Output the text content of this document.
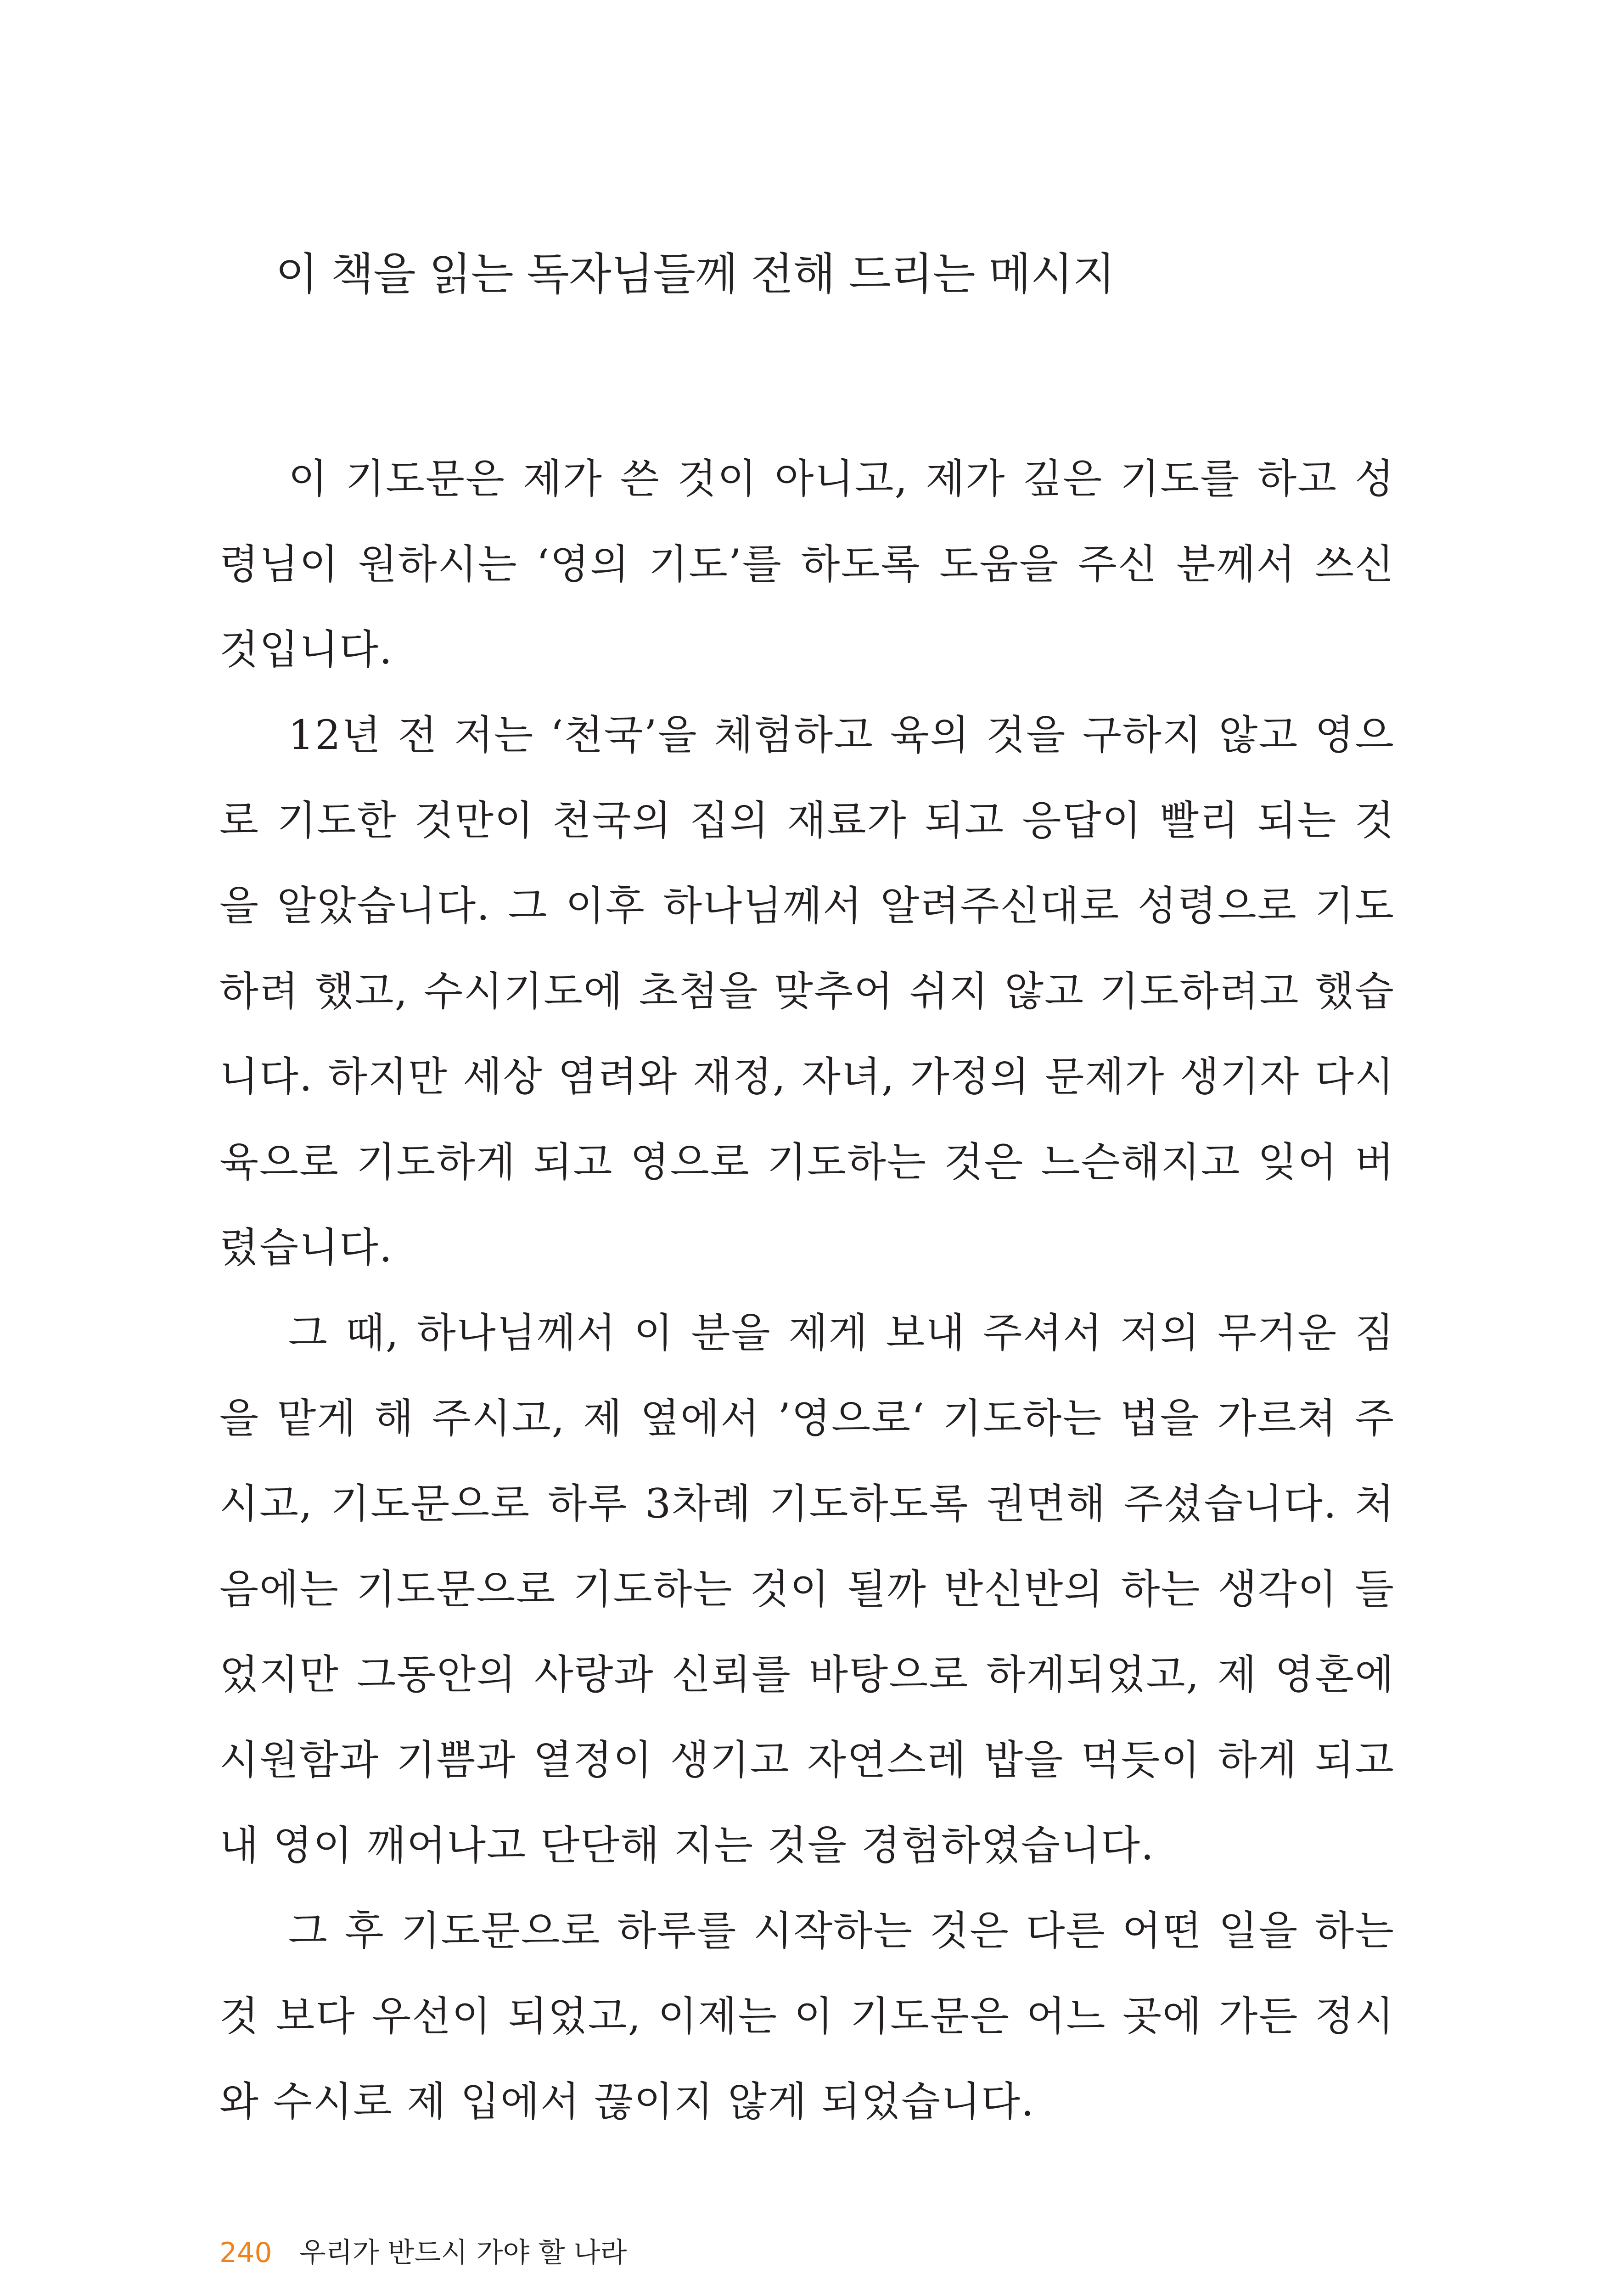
이 책을 읽는 독자님들께 전해 드리는 메시지

이 기도문은 제가 쓴 것이 아니고, 제가 깊은 기도를 하고 성령님이 원하시는 ‘영의 기도’를 하도록 도움을 주신 분께서 쓰신 것입니다.

12년 전 저는 ‘천국’을 체험하고 육의 것을 구하지 않고 영으로 기도한 것만이 천국의 집의 재료가 되고 응답이 빨리 되는 것을 알았습니다. 그 이후 하나님께서 알려주신대로 성령으로 기도하려 했고, 수시기도에 초첨을 맞추어 쉬지 않고 기도하려고 했습니다. 하지만 세상 염려와 재정, 자녀, 가정의 문제가 생기자 다시 육으로 기도하게 되고 영으로 기도하는 것은 느슨해지고 잊어 버렸습니다.

그 때, 하나님께서 이 분을 제게 보내 주셔서 저의 무거운 짐을 맡게 해 주시고, 제 옆에서 ’영으로‘ 기도하는 법을 가르쳐 주시고, 기도문으로 하루 3차례 기도하도록 권면해 주셨습니다. 처음에는 기도문으로 기도하는 것이 될까 반신반의 하는 생각이 들었지만 그동안의 사랑과 신뢰를 바탕으로 하게되었고, 제 영혼에 시원함과 기쁨과 열정이 생기고 자연스레 밥을 먹듯이 하게 되고 내 영이 깨어나고 단단해 지는 것을 경험하였습니다.

그 후 기도문으로 하루를 시작하는 것은 다른 어떤 일을 하는 것 보다 우선이 되었고, 이제는 이 기도문은 어느 곳에 가든 정시와 수시로 제 입에서 끊이지 않게 되었습니다.

240 우리가 반드시 가야 할 나라
